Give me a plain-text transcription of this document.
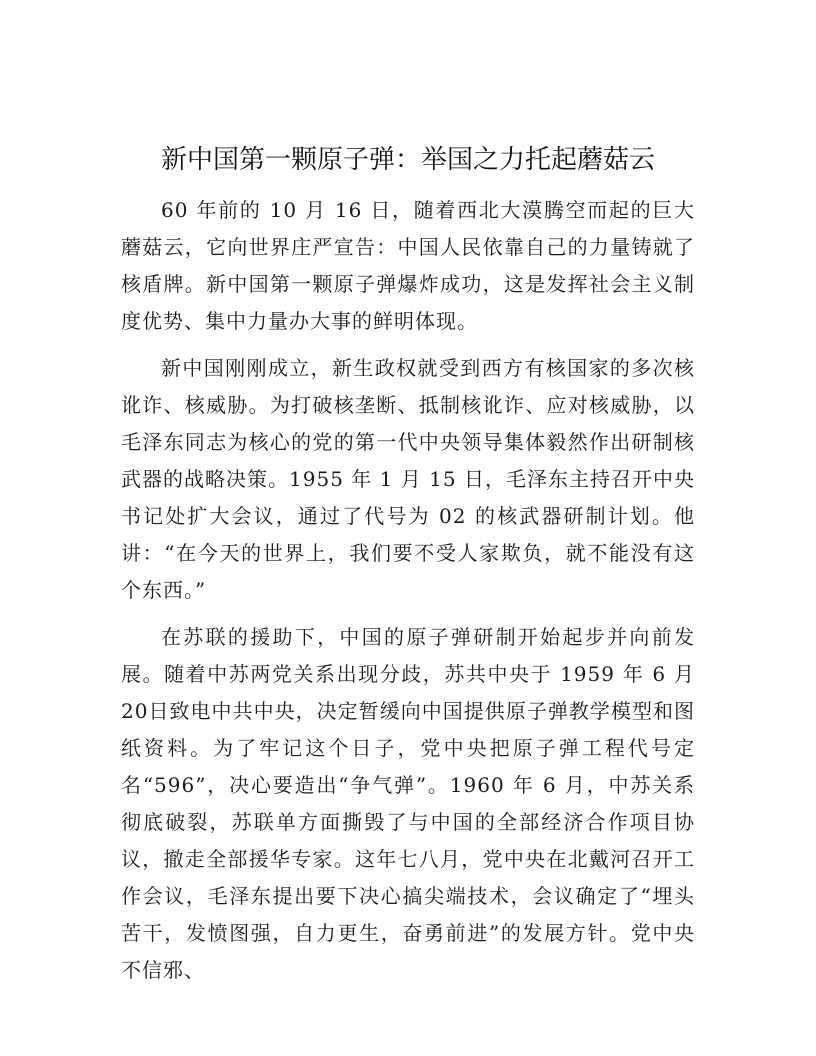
新中国第一颗原子弹：举国之力托起蘑菇云

60 年前的 10 月 16 日，随着西北大漠腾空而起的巨大蘑菇云，它向世界庄严宣告：中国人民依靠自己的力量铸就了核盾牌。新中国第一颗原子弹爆炸成功，这是发挥社会主义制度优势、集中力量办大事的鲜明体现。

新中国刚刚成立，新生政权就受到西方有核国家的多次核讹诈、核威胁。为打破核垄断、抵制核讹诈、应对核威胁，以毛泽东同志为核心的党的第一代中央领导集体毅然作出研制核武器的战略决策。1955 年 1 月 15 日，毛泽东主持召开中央书记处扩大会议，通过了代号为 02 的核武器研制计划。他讲：“在今天的世界上，我们要不受人家欺负，就不能没有这个东西。”

在苏联的援助下，中国的原子弹研制开始起步并向前发展。随着中苏两党关系出现分歧，苏共中央于 1959 年 6 月 20日致电中共中央，决定暂缓向中国提供原子弹教学模型和图纸资料。为了牢记这个日子，党中央把原子弹工程代号定名“596”，决心要造出“争气弹”。1960 年 6 月，中苏关系彻底破裂，苏联单方面撕毁了与中国的全部经济合作项目协议，撤走全部援华专家。这年七八月，党中央在北戴河召开工作会议，毛泽东提出要下决心搞尖端技术，会议确定了“埋头苦干，发愤图强，自力更生，奋勇前进”的发展方针。党中央不信邪、
